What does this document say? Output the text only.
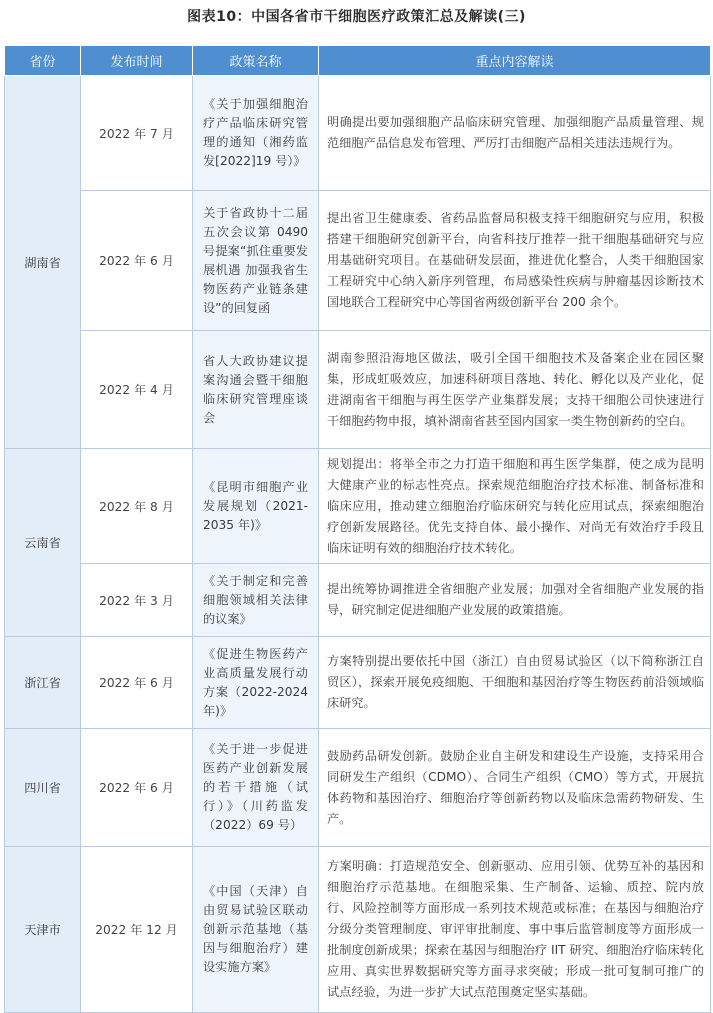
图表10：中国各省市干细胞医疗政策汇总及解读(三)
省份	发布时间	政策名称	重点内容解读
湖南省	2022 年 7 月	《关于加强细胞治疗产品临床研究管理的通知（湘药监发[2022]19 号）》	明确提出要加强细胞产品临床研究管理、加强细胞产品质量管理、规范细胞产品信息发布管理、严厉打击细胞产品相关违法违规行为。
	2022 年 6 月	关于省政协十二届五次会议第 0490 号提案“抓住重要发展机遇 加强我省生物医药产业链条建设”的回复函	提出省卫生健康委、省药品监督局积极支持干细胞研究与应用，积极搭建干细胞研究创新平台，向省科技厅推荐一批干细胞基础研究与应用基础研究项目。在基础研发层面，推进优化整合，人类干细胞国家工程研究中心纳入新序列管理，布局感染性疾病与肿瘤基因诊断技术国地联合工程研究中心等国省两级创新平台 200 余个。
	2022 年 4 月	省人大政协建议提案沟通会暨干细胞临床研究管理座谈会	湖南参照沿海地区做法，吸引全国干细胞技术及备案企业在园区聚集，形成虹吸效应，加速科研项目落地、转化、孵化以及产业化，促进湖南省干细胞与再生医学产业集群发展；支持干细胞公司快速进行干细胞药物申报，填补湖南省甚至国内国家一类生物创新药的空白。
云南省	2022 年 8 月	《昆明市细胞产业发展规划（2021-2035 年)》	规划提出：将举全市之力打造干细胞和再生医学集群，使之成为昆明大健康产业的标志性亮点。探索规范细胞治疗技术标准、制备标准和临床应用，推动建立细胞治疗临床研究与转化应用试点，探索细胞治疗创新发展路径。优先支持自体、最小操作、对尚无有效治疗手段且临床证明有效的细胞治疗技术转化。
	2022 年 3 月	《关于制定和完善细胞领域相关法律的议案》	提出统筹协调推进全省细胞产业发展；加强对全省细胞产业发展的指导，研究制定促进细胞产业发展的政策措施。
浙江省	2022 年 6 月	《促进生物医药产业高质量发展行动方案（2022-2024 年)》	方案特别提出要依托中国（浙江）自由贸易试验区（以下简称浙江自贸区），探索开展免疫细胞、干细胞和基因治疗等生物医药前沿领域临床研究。
四川省	2022 年 6 月	《关于进一步促进医药产业创新发展的若干措施（试行）》（川药监发（2022）69 号）	鼓励药品研发创新。鼓励企业自主研发和建设生产设施，支持采用合同研发生产组织（CDMO）、合同生产组织（CMO）等方式，开展抗体药物和基因治疗、细胞治疗等创新药物以及临床急需药物研发、生产。
天津市	2022 年 12 月	《中国（天津）自由贸易试验区联动创新示范基地（基因与细胞治疗）建设实施方案》	方案明确：打造规范安全、创新驱动、应用引领、优势互补的基因和细胞治疗示范基地。在细胞采集、生产制备、运输、质控、院内放行、风险控制等方面形成一系列技术规范或标准；在基因与细胞治疗分级分类管理制度、审评审批制度、事中事后监管制度等方面形成一批制度创新成果；探索在基因与细胞治疗 IIT 研究、细胞治疗临床转化应用、真实世界数据研究等方面寻求突破；形成一批可复制可推广的试点经验，为进一步扩大试点范围奠定坚实基础。
